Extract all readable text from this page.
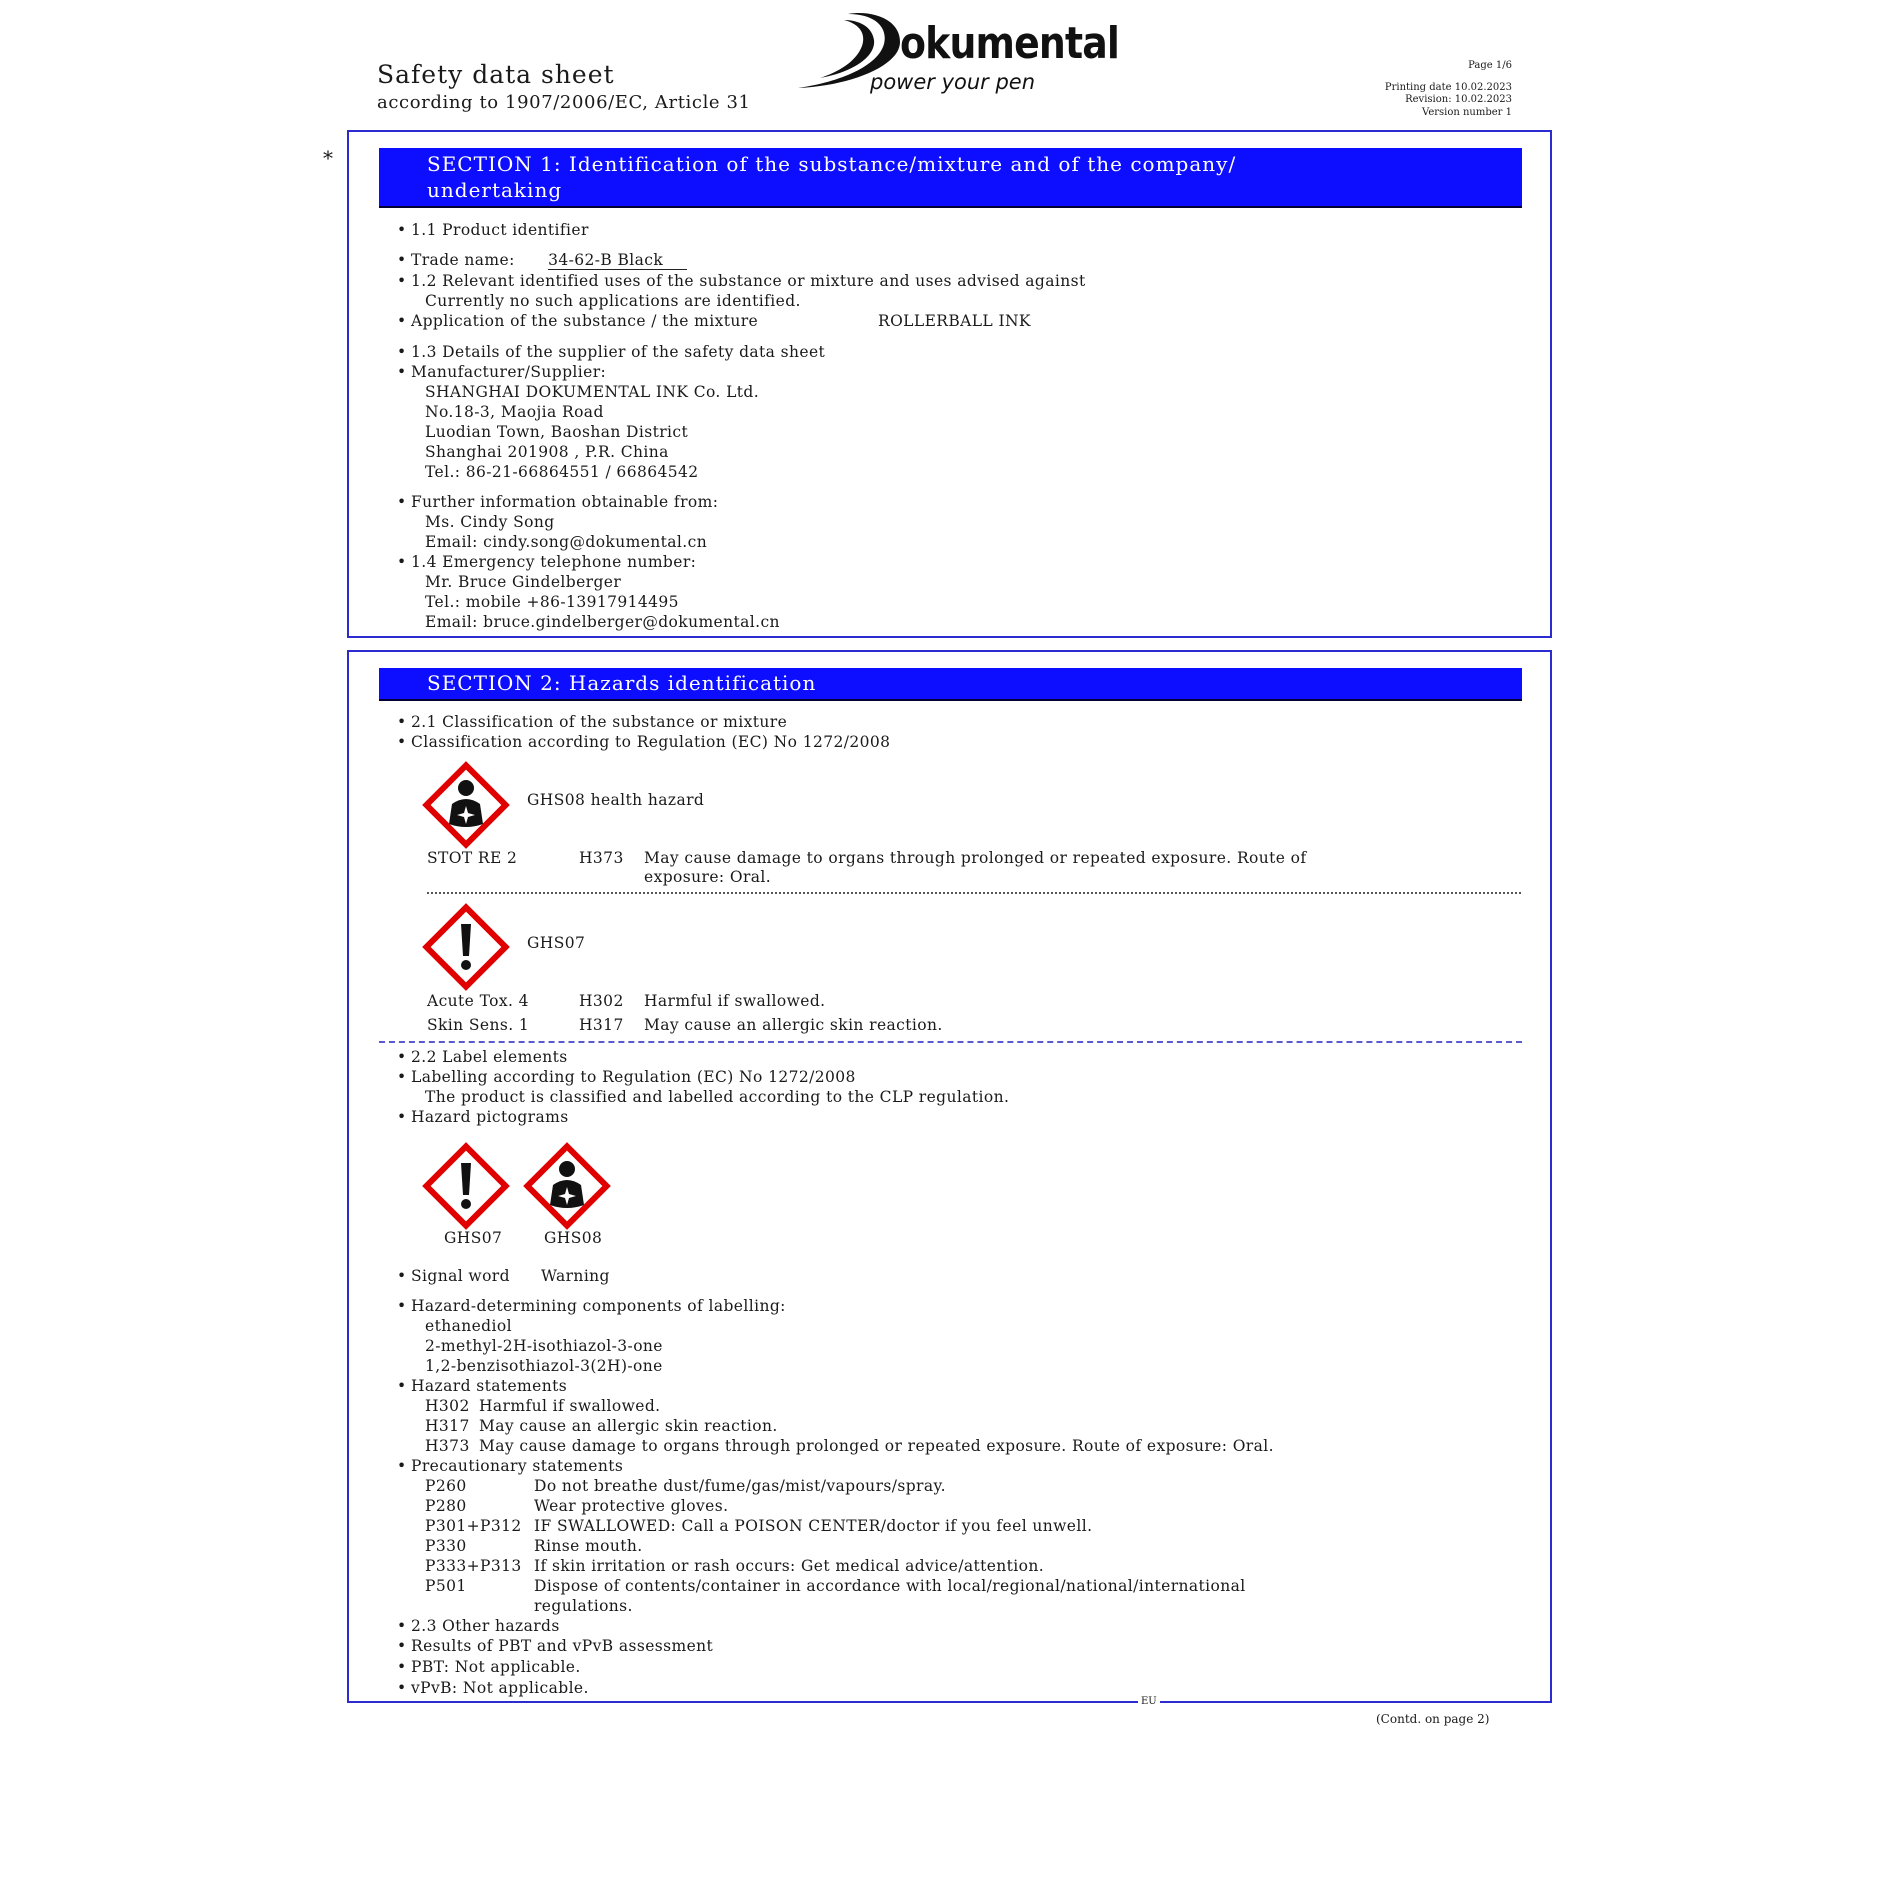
Safety data sheet
according to 1907/2006/EC, Article 31
okumental
power your pen
Page 1/6
Printing date 10.02.2023
Revision: 10.02.2023
Version number 1
*	SECTION 1: Identification of the substance/mixture and of the company/
undertaking
• 1.1 Product identifier
• Trade name: 34-62-B Black
• 1.2 Relevant identified uses of the substance or mixture and uses advised against
Currently no such applications are identified.
• Application of the substance / the mixture	ROLLERBALL INK
• 1.3 Details of the supplier of the safety data sheet
• Manufacturer/Supplier:
SHANGHAI DOKUMENTAL INK Co. Ltd.
No.18-3, Maojia Road
Luodian Town, Baoshan District
Shanghai 201908 , P.R. China
Tel.: 86-21-66864551 / 66864542
• Further information obtainable from:
Ms. Cindy Song
Email: cindy.song@dokumental.cn
• 1.4 Emergency telephone number:
Mr. Bruce Gindelberger
Tel.: mobile +86-13917914495
Email: bruce.gindelberger@dokumental.cn
SECTION 2: Hazards identification
• 2.1 Classification of the substance or mixture
• Classification according to Regulation (EC) No 1272/2008
GHS08 health hazard
STOT RE 2	H373 May cause damage to organs through prolonged or repeated exposure. Route of
exposure: Oral.
GHS07
Acute Tox. 4	H302 Harmful if swallowed.
Skin Sens. 1	H317 May cause an allergic skin reaction.
• 2.2 Label elements
• Labelling according to Regulation (EC) No 1272/2008
The product is classified and labelled according to the CLP regulation.
• Hazard pictograms
GHS07	GHS08
• Signal word Warning
• Hazard-determining components of labelling:
ethanediol
2-methyl-2H-isothiazol-3-one
1,2-benzisothiazol-3(2H)-one
• Hazard statements
H302 Harmful if swallowed.
H317 May cause an allergic skin reaction.
H373 May cause damage to organs through prolonged or repeated exposure. Route of exposure: Oral.
• Precautionary statements
P260	Do not breathe dust/fume/gas/mist/vapours/spray.
P280	Wear protective gloves.
P301+P312 IF SWALLOWED: Call a POISON CENTER/doctor if you feel unwell.
P330	Rinse mouth.
P333+P313 If skin irritation or rash occurs: Get medical advice/attention.
P501	Dispose of contents/container in accordance with local/regional/national/international
regulations.
• 2.3 Other hazards
• Results of PBT and vPvB assessment
• PBT: Not applicable.
• vPvB: Not applicable.
EU
(Contd. on page 2)
